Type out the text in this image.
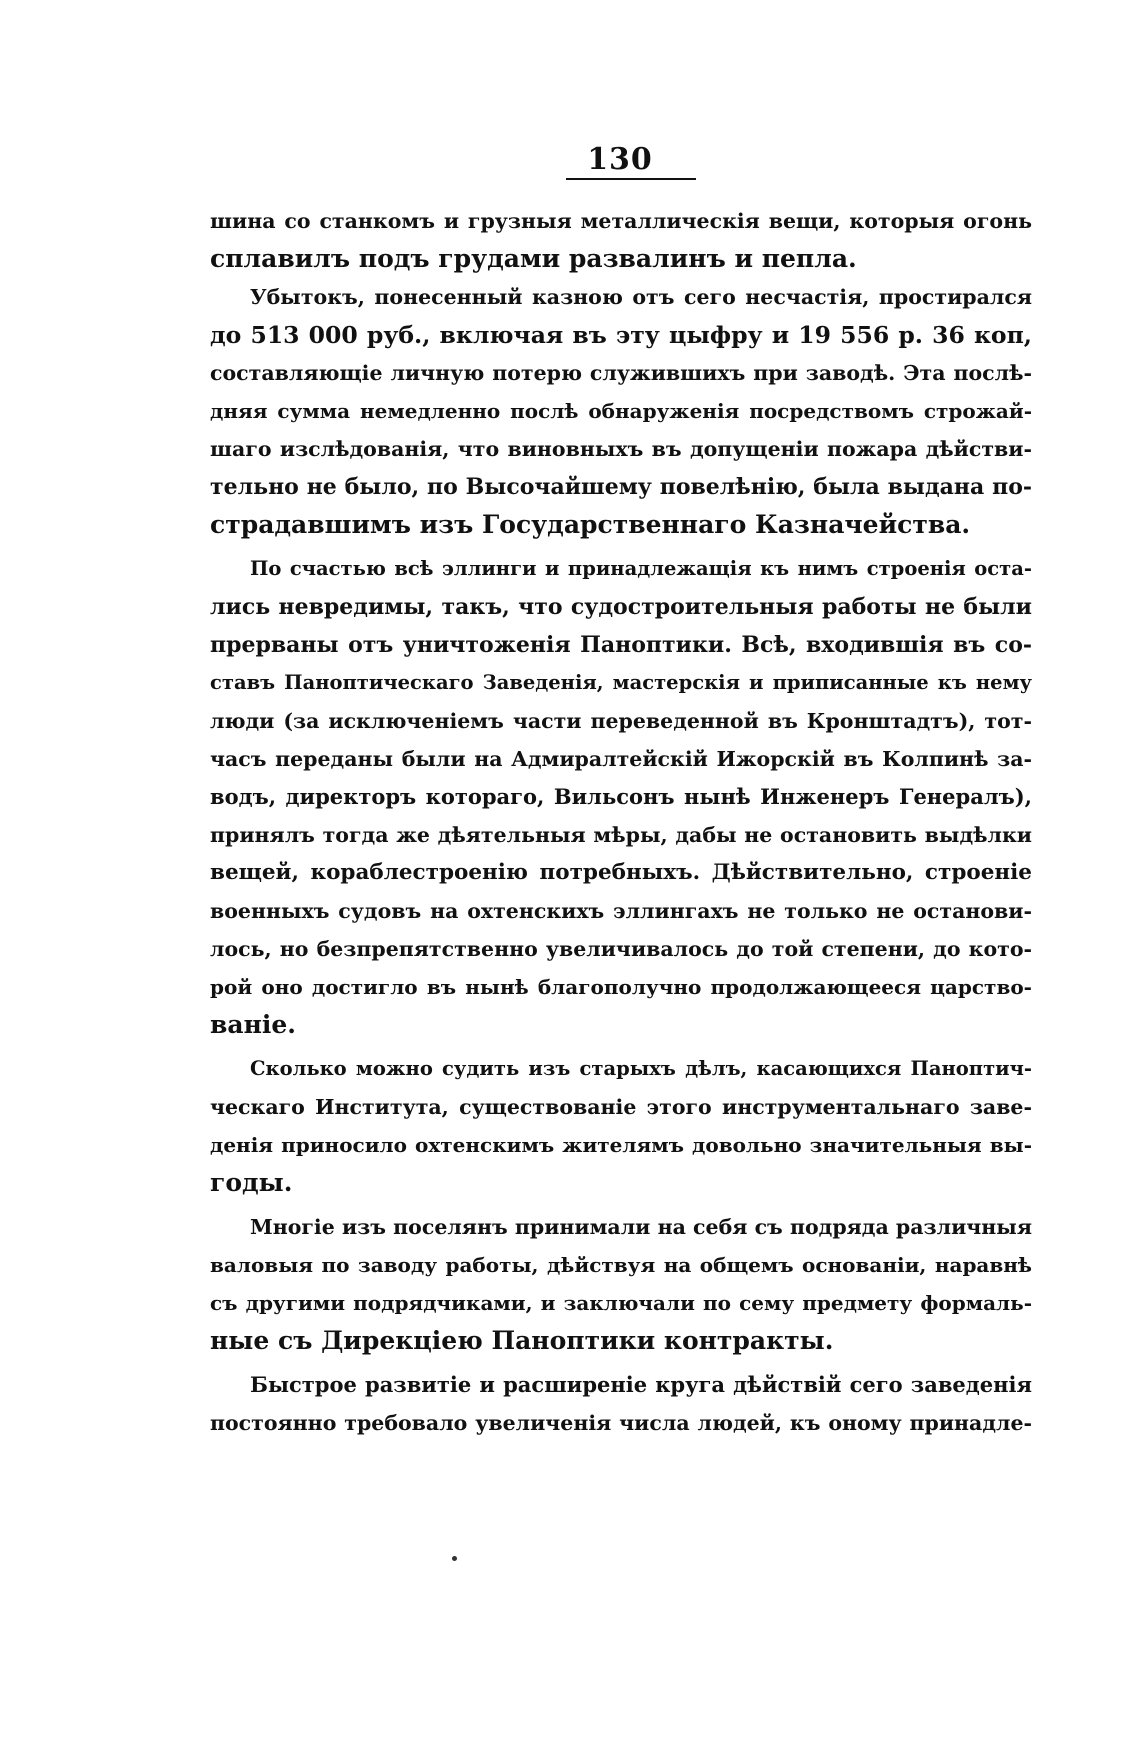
130
шина со станкомъ и грузныя металлическiя вещи, которыя огонь
сплавилъ подъ грудами развалинъ и пепла.
Убытокъ, понесенный казною отъ сего несчастiя, простирался
до 513 000 руб., включая въ эту цыфру и 19 556 р. 36 коп,
составляющiе личную потерю служившихъ при заводѣ. Эта послѣ-
дняя сумма немедленно послѣ обнаруженiя посредствомъ строжай-
шаго изслѣдованiя, что виновныхъ въ допущенiи пожара дѣйстви-
тельно не было, по Высочайшему повелѣнiю, была выдана по-
страдавшимъ изъ Государственнаго Казначейства.
По счастью всѣ эллинги и принадлежащiя къ нимъ строенiя оста-
лись невредимы, такъ, что судостроительныя работы не были
прерваны отъ уничтоженiя Паноптики. Всѣ, входившiя въ со-
ставъ Паноптическаго Заведенiя, мастерскiя и приписанные къ нему
люди (за исключенiемъ части переведенной въ Кронштадтъ), тот-
часъ переданы были на Адмиралтейскiй Ижорскiй въ Колпинѣ за-
водъ, директоръ котораго, Вильсонъ нынѣ Инженеръ Генералъ),
принялъ тогда же дѣятельныя мѣры, дабы не остановить выдѣлки
вещей, кораблестроенiю потребныхъ. Дѣйствительно, строенiе
военныхъ судовъ на охтенскихъ эллингахъ не только не останови-
лось, но безпрепятственно увеличивалось до той степени, до кото-
рой оно достигло въ нынѣ благополучно продолжающееся царство-
ванiе.
Сколько можно судить изъ старыхъ дѣлъ, касающихся Паноптич-
ческаго Института, существованiе этого инструментальнаго заве-
денiя приносило охтенскимъ жителямъ довольно значительныя вы-
годы.
Многiе изъ поселянъ принимали на себя съ подряда различныя
валовыя по заводу работы, дѣйствуя на общемъ основанiи, наравнѣ
съ другими подрядчиками, и заключали по сему предмету формаль-
ные съ Дирекцiею Паноптики контракты.
Быстрое развитiе и расширенiе круга дѣйствiй сего заведенiя
постоянно требовало увеличенiя числа людей, къ оному принадле-
